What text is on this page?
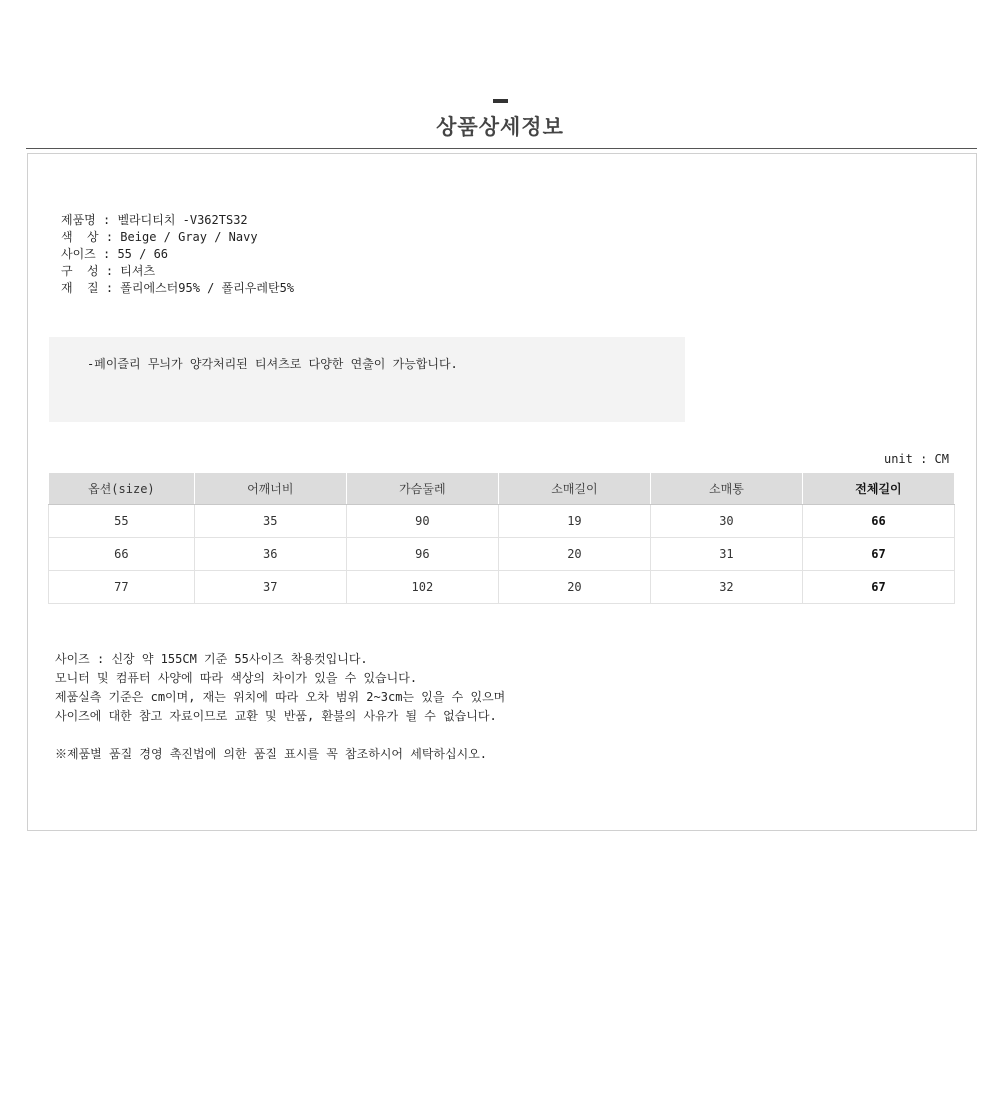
상품상세정보
제품명 : 벨라디티치 -V362TS32
색  상 : Beige / Gray / Navy
사이즈 : 55 / 66
구  성 : 티셔츠
재  질 : 폴리에스터95% / 폴리우레탄5%
-페이즐리 무늬가 양각처리된 티셔츠로 다양한 연출이 가능합니다.
unit : CM
옵션(size)	어깨너비	가슴둘레	소매길이	소매통	전체길이
55	35	90	19	30	66
66	36	96	20	31	67
77	37	102	20	32	67
사이즈 : 신장 약 155CM 기준 55사이즈 착용컷입니다.
모니터 및 컴퓨터 사양에 따라 색상의 차이가 있을 수 있습니다.
제품실측 기준은 cm이며, 재는 위치에 따라 오차 범위 2~3cm는 있을 수 있으며
사이즈에 대한 참고 자료이므로 교환 및 반품, 환불의 사유가 될 수 없습니다.
※제품별 품질 경영 촉진법에 의한 품질 표시를 꼭 참조하시어 세탁하십시오.
